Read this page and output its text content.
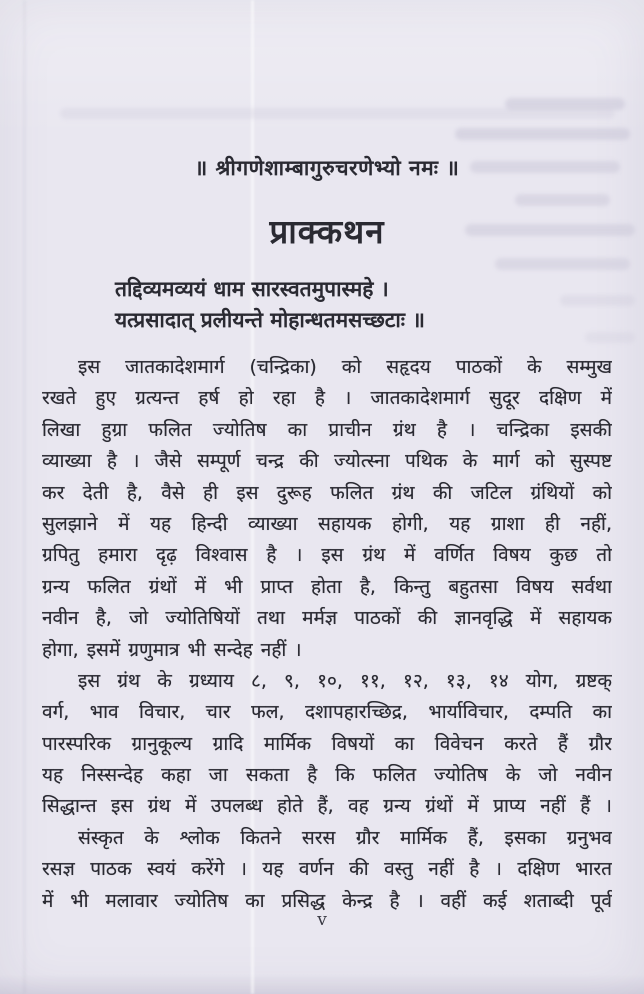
॥ श्रीगणेशाम्बागुरुचरणेभ्यो नमः ॥
प्राक्कथन
तद्दिव्यमव्ययं धाम सारस्वतमुपास्महे ।
यत्प्रसादात् प्रलीयन्ते मोहान्धतमसच्छटाः ॥
इस जातकादेशमार्ग (चन्द्रिका) को सहृदय पाठकों के सम्मुख
रखते हुए ग्रत्यन्त हर्ष हो रहा है । जातकादेशमार्ग सुदूर दक्षिण में
लिखा हुग्रा फलित ज्योतिष का प्राचीन ग्रंथ है । चन्द्रिका इसकी
व्याख्या है । जैसे सम्पूर्ण चन्द्र की ज्योत्स्ना पथिक के मार्ग को सुस्पष्ट
कर देती है, वैसे ही इस दुरूह फलित ग्रंथ की जटिल ग्रंथियों को
सुलझाने में यह हिन्दी व्याख्या सहायक होगी, यह ग्राशा ही नहीं,
ग्रपितु हमारा दृढ़ विश्वास है । इस ग्रंथ में वर्णित विषय कुछ तो
ग्रन्य फलित ग्रंथों में भी प्राप्त होता है, किन्तु बहुतसा विषय सर्वथा
नवीन है, जो ज्योतिषियों तथा मर्मज्ञ पाठकों की ज्ञानवृद्धि में सहायक
होगा, इसमें ग्रणुमात्र भी सन्देह नहीं ।
इस ग्रंथ के ग्रध्याय ८, ९, १०, ११, १२, १३, १४ योग, ग्रष्टक्
वर्ग, भाव विचार, चार फल, दशापहारच्छिद्र, भार्याविचार, दम्पति का
पारस्परिक ग्रानुकूल्य ग्रादि मार्मिक विषयों का विवेचन करते हैं ग्रौर
यह निस्सन्देह कहा जा सकता है कि फलित ज्योतिष के जो नवीन
सिद्धान्त इस ग्रंथ में उपलब्ध होते हैं, वह ग्रन्य ग्रंथों में प्राप्य नहीं हैं ।
संस्कृत के श्लोक कितने सरस ग्रौर मार्मिक हैं, इसका ग्रनुभव
रसज्ञ पाठक स्वयं करेंगे । यह वर्णन की वस्तु नहीं है । दक्षिण भारत
में भी मलावार ज्योतिष का प्रसिद्ध केन्द्र है । वहीं कई शताब्दी पूर्व
v
